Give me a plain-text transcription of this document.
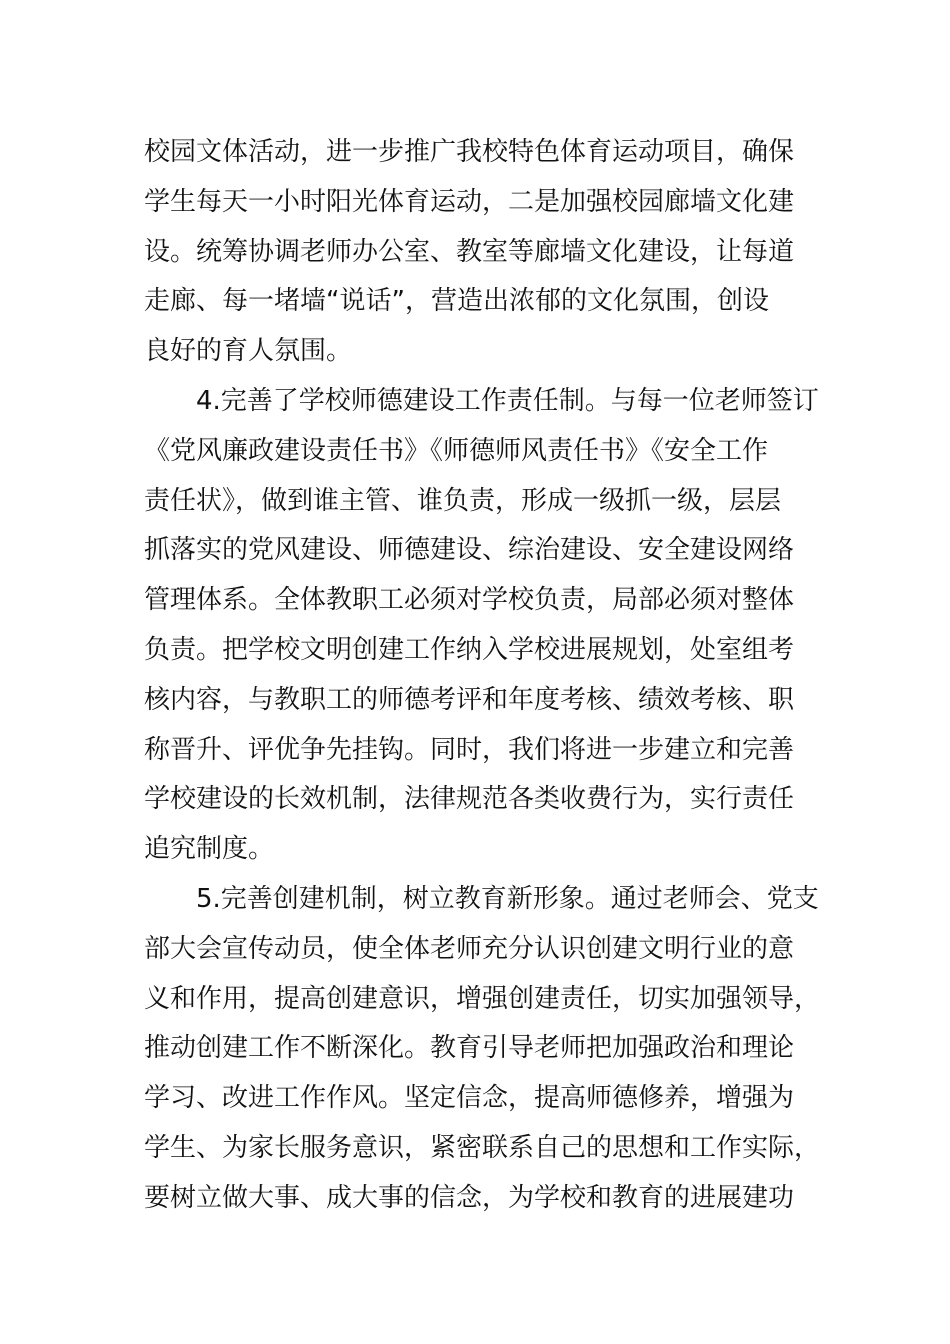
校园文体活动，进一步推广我校特色体育运动项目，确保
学生每天一小时阳光体育运动，二是加强校园廊墙文化建
设。统筹协调老师办公室、教室等廊墙文化建设，让每道
走廊、每一堵墙“说话”，营造出浓郁的文化氛围，创设
良好的育人氛围。
4.完善了学校师德建设工作责任制。与每一位老师签订
《党风廉政建设责任书》《师德师风责任书》《安全工作
责任状》，做到谁主管、谁负责，形成一级抓一级，层层
抓落实的党风建设、师德建设、综治建设、安全建设网络
管理体系。全体教职工必须对学校负责，局部必须对整体
负责。把学校文明创建工作纳入学校进展规划，处室组考
核内容，与教职工的师德考评和年度考核、绩效考核、职
称晋升、评优争先挂钩。同时，我们将进一步建立和完善
学校建设的长效机制，法律规范各类收费行为，实行责任
追究制度。
5.完善创建机制，树立教育新形象。通过老师会、党支
部大会宣传动员，使全体老师充分认识创建文明行业的意
义和作用，提高创建意识，增强创建责任，切实加强领导，
推动创建工作不断深化。教育引导老师把加强政治和理论
学习、改进工作作风。坚定信念，提高师德修养，增强为
学生、为家长服务意识，紧密联系自己的思想和工作实际，
要树立做大事、成大事的信念，为学校和教育的进展建功
